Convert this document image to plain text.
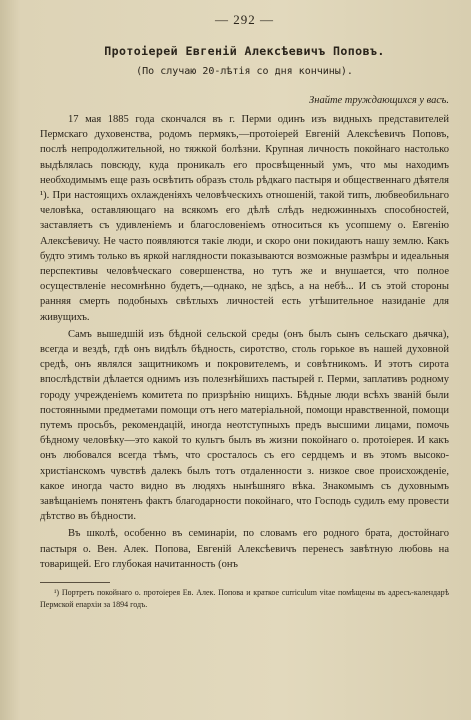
— 292 —
Протоіерей Евгеній Алексѣевичъ Поповъ.
(По случаю 20-лѣтія со дня кончины).
Знайте труждающихся у васъ.

17 мая 1885 года скончался въ г. Перми одинъ изъ видныхъ представителей Пермскаго духовенства, родомъ пермякъ,—протоіерей Евгеній Алексѣевичъ Поповъ, послѣ непродолжительной, но тяжкой болѣзни. Крупная личность покойнаго настолько выдѣлялась повсюду, куда проникалъ его просвѣщенный умъ, что мы находимъ необходимымъ еще разъ освѣтить образъ столь рѣдкаго пастыря и общественнаго дѣятеля ¹). При настоящихъ охлажденіяхъ человѣческихъ отношеній, такой типъ, любвеобильнаго человѣка, оставляющаго на всякомъ его дѣлѣ слѣдъ недюжинныхъ способностей, заставляетъ съ удивленіемъ и благословеніемъ относиться къ усопшему о. Евгенію Алексѣевичу. Не часто появляются такіе люди, и скоро они покидаютъ нашу землю. Какъ будто этимъ только въ яркой наглядности показываются возможные размѣры и идеальныя перспективы человѣческаго совершенства, но тутъ же и внушается, что полное осуществленіе несомнѣнно будетъ,—однако, не здѣсь, а на небѣ... И съ этой стороны ранняя смерть подобныхъ свѣтлыхъ личностей есть утѣшительное назиданіе для живущихъ.

Самъ вышедшій изъ бѣдной сельской среды (онъ былъ сынъ сельскаго дьячка), всегда и вездѣ, гдѣ онъ видѣлъ бѣдность, сиротство, столь горькое въ нашей духовной средѣ, онъ являлся защитникомъ и покровителемъ, и совѣтникомъ. И этотъ сирота впослѣдствіи дѣлается однимъ изъ полезнѣйшихъ пастырей г. Перми, заплативъ родному городу учрежденіемъ комитета по призрѣнію нищихъ. Бѣдные люди всѣхъ званій были постоянными предметами помощи отъ него матеріальной, помощи нравственной, помощи путемъ просьбъ, рекомендацій, иногда неотступныхъ предъ высшими лицами, помочь бѣдному человѣку—это какой то культъ былъ въ жизни покойнаго о. протоіерея. И какъ онъ любовался всегда тѣмъ, что сросталось съ его сердцемъ и въ этомъ высоко-христіанскомъ чувствѣ далекъ былъ тотъ отдаленности з. низкое свое происхожденіе, какое иногда часто видно въ людяхъ нынѣшняго вѣка. Знакомымъ съ духовнымъ завѣщаніемъ понятенъ фактъ благодарности покойнаго, что Господь судилъ ему провести дѣтство въ бѣдности.

Въ школѣ, особенно въ семинаріи, по словамъ его родного брата, достойнаго пастыря о. Вен. Алек. Попова, Евгеній Алексѣевичъ перенесъ завѣтную любовь на товарищей. Его глубокая начитанность (онъ

¹) Портретъ покойнаго о. протоіерея Ев. Алек. Попова и краткое curriculum vitae помѣщены въ адресъ-календарѣ Пермской епархіи за 1894 годъ.
